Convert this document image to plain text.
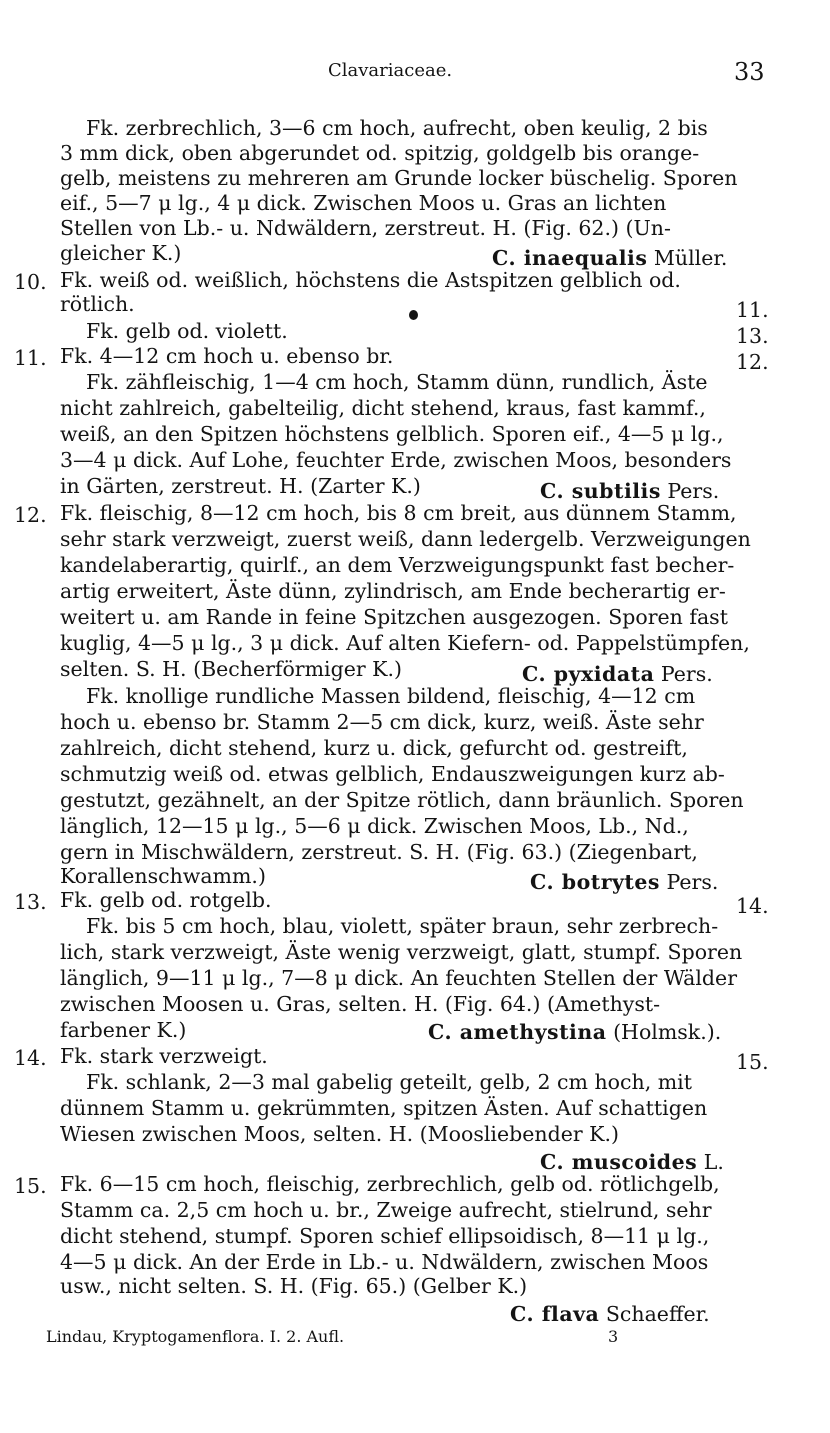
Clavariaceae.	33
Fk. zerbrechlich, 3—6 cm hoch, aufrecht, oben keulig, 2 bis
3 mm dick, oben abgerundet od. spitzig, goldgelb bis orange-
gelb, meistens zu mehreren am Grunde locker büschelig. Sporen
eif., 5—7 μ lg., 4 μ dick. Zwischen Moos u. Gras an lichten
Stellen von Lb.- u. Ndwäldern, zerstreut. H. (Fig. 62.) (Un-
gleicher K.)	C. inaequalis Müller.
10. Fk. weiß od. weißlich, höchstens die Astspitzen gelblich od.
rötlich.	11.
Fk. gelb od. violett.	13.
11. Fk. 4—12 cm hoch u. ebenso br.	12.
Fk. zähfleischig, 1—4 cm hoch, Stamm dünn, rundlich, Äste
nicht zahlreich, gabelteilig, dicht stehend, kraus, fast kammf.,
weiß, an den Spitzen höchstens gelblich. Sporen eif., 4—5 μ lg.,
3—4 μ dick. Auf Lohe, feuchter Erde, zwischen Moos, besonders
in Gärten, zerstreut. H. (Zarter K.)	C. subtilis Pers.
12. Fk. fleischig, 8—12 cm hoch, bis 8 cm breit, aus dünnem Stamm,
sehr stark verzweigt, zuerst weiß, dann ledergelb. Verzweigungen
kandelaberartig, quirlf., an dem Verzweigungspunkt fast becher-
artig erweitert, Äste dünn, zylindrisch, am Ende becherartig er-
weitert u. am Rande in feine Spitzchen ausgezogen. Sporen fast
kuglig, 4—5 μ lg., 3 μ dick. Auf alten Kiefern- od. Pappelstümpfen,
selten. S. H. (Becherförmiger K.)	C. pyxidata Pers.
Fk. knollige rundliche Massen bildend, fleischig, 4—12 cm
hoch u. ebenso br. Stamm 2—5 cm dick, kurz, weiß. Äste sehr
zahlreich, dicht stehend, kurz u. dick, gefurcht od. gestreift,
schmutzig weiß od. etwas gelblich, Endauszweigungen kurz ab-
gestutzt, gezähnelt, an der Spitze rötlich, dann bräunlich. Sporen
länglich, 12—15 μ lg., 5—6 μ dick. Zwischen Moos, Lb., Nd.,
gern in Mischwäldern, zerstreut. S. H. (Fig. 63.) (Ziegenbart,
Korallenschwamm.)	C. botrytes Pers.
13. Fk. gelb od. rotgelb.	14.
Fk. bis 5 cm hoch, blau, violett, später braun, sehr zerbrech-
lich, stark verzweigt, Äste wenig verzweigt, glatt, stumpf. Sporen
länglich, 9—11 μ lg., 7—8 μ dick. An feuchten Stellen der Wälder
zwischen Moosen u. Gras, selten. H. (Fig. 64.) (Amethyst-
farbener K.)	C. amethystina (Holmsk.).
14. Fk. stark verzweigt.	15.
Fk. schlank, 2—3 mal gabelig geteilt, gelb, 2 cm hoch, mit
dünnem Stamm u. gekrümmten, spitzen Ästen. Auf schattigen
Wiesen zwischen Moos, selten. H. (Moosliebender K.)
C. muscoides L.
15. Fk. 6—15 cm hoch, fleischig, zerbrechlich, gelb od. rötlichgelb,
Stamm ca. 2,5 cm hoch u. br., Zweige aufrecht, stielrund, sehr
dicht stehend, stumpf. Sporen schief ellipsoidisch, 8—11 μ lg.,
4—5 μ dick. An der Erde in Lb.- u. Ndwäldern, zwischen Moos
usw., nicht selten. S. H. (Fig. 65.) (Gelber K.)
C. flava Schaeffer.
Lindau, Kryptogamenflora. I. 2. Aufl.	3
